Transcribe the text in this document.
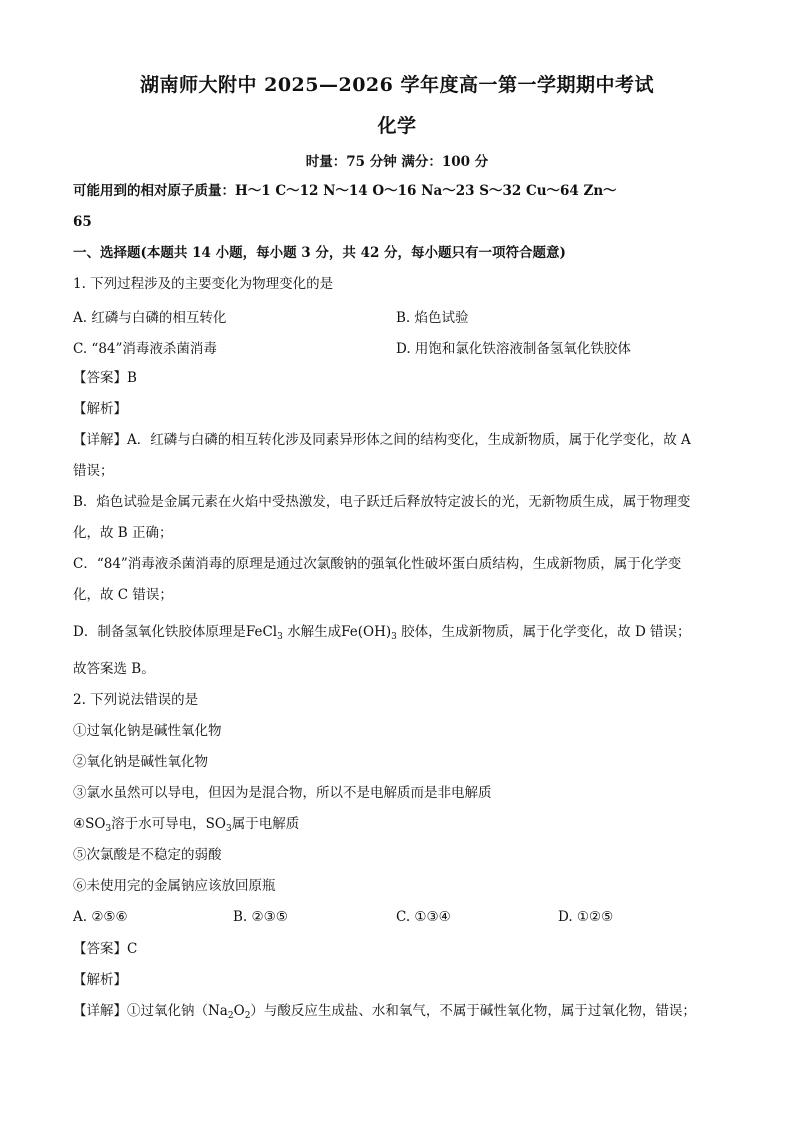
湖南师大附中 2025—2026 学年度高一第一学期期中考试
化学
时量：75 分钟 满分：100 分
可能用到的相对原子质量：H～1 C～12 N～14 O～16 Na～23 S～32 Cu～64 Zn～
65
一、选择题(本题共 14 小题，每小题 3 分，共 42 分，每小题只有一项符合题意)
1. 下列过程涉及的主要变化为物理变化的是
A. 红磷与白磷的相互转化	B. 焰色试验
C. “84”消毒液杀菌消毒	D. 用饱和氯化铁溶液制备氢氧化铁胶体
【答案】B
【解析】
【详解】A．红磷与白磷的相互转化涉及同素异形体之间的结构变化，生成新物质，属于化学变化，故 A
错误；
B．焰色试验是金属元素在火焰中受热激发，电子跃迁后释放特定波长的光，无新物质生成，属于物理变
化，故 B 正确；
C．“84”消毒液杀菌消毒的原理是通过次氯酸钠的强氧化性破坏蛋白质结构，生成新物质，属于化学变
化，故 C 错误；
D．制备氢氧化铁胶体原理是FeCl$_3$ 水解生成$Fe(OH)_3$ 胶体，生成新物质，属于化学变化，故 D 错误；
故答案选 B。
2. 下列说法错误的是
①过氧化钠是碱性氧化物
②氧化钠是碱性氧化物
③氯水虽然可以导电，但因为是混合物，所以不是电解质而是非电解质
$④SO_3$溶于水可导电，$SO_3$属于电解质
⑤次氯酸是不稳定的弱酸
⑥未使用完的金属钠应该放回原瓶
A. ②⑤⑥	B. ②③⑤	C. ①③④	D. ①②⑤
【答案】C
【解析】
【详解】①过氧化钠$(Na_2O_2)$与酸反应生成盐、水和氧气，不属于碱性氧化物，属于过氧化物，错误；
